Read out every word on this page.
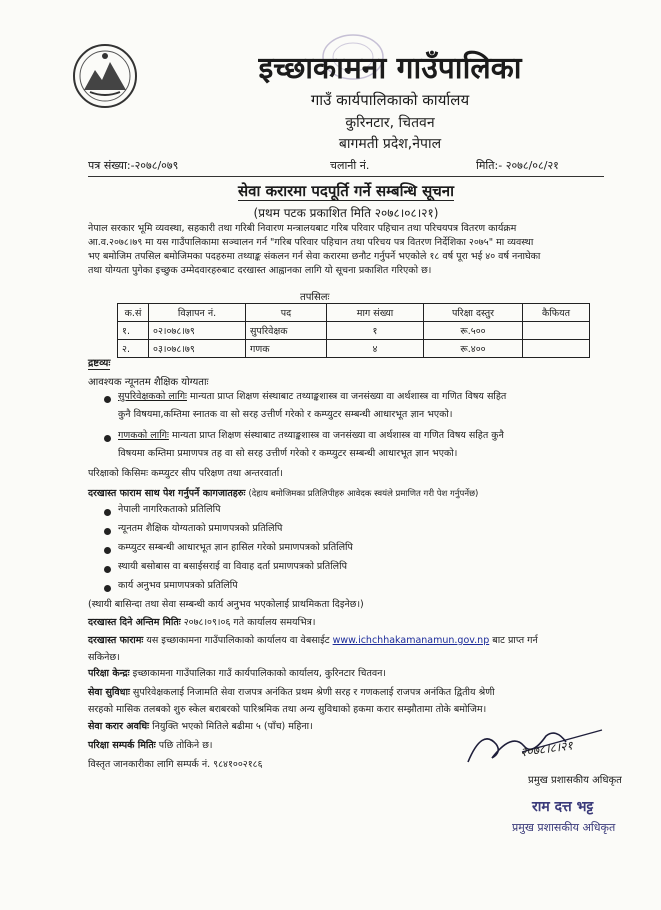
इच्छाकामना गाउँपालिका
गाउँ कार्यपालिकाको कार्यालय
कुरिनटार, चितवन
बागमती प्रदेश,नेपाल
पत्र संख्या:-२०७८/०७९	चलानी नं.	मिति:- २०७८/०८/२१
सेवा करारमा पदपूर्ति गर्ने सम्बन्धि सूचना
(प्रथम पटक प्रकाशित मिति २०७८।०८।२१)
नेपाल सरकार भूमि व्यवस्था, सहकारी तथा गरिबी निवारण मन्त्रालयबाट गरिब परिवार पहिचान तथा परिचयपत्र वितरण कार्यक्रम
आ.व.२०७८।७९ मा यस गाउँपालिकामा सञ्चालन गर्न "गरिब परिवार पहिचान तथा परिचय पत्र वितरण निर्देशिका २०७५" मा व्यवस्था
भए बमोजिम तपसिल बमोजिमका पदहरुमा तथ्याङ्क संकलन गर्न सेवा करारमा छनौट गर्नुपर्ने भएकोले १८ वर्ष पूरा भई ४० वर्ष ननाघेका
तथा योग्यता पुगेका इच्छुक उम्मेदवारहरुबाट दरखास्त आह्वानका लागि यो सूचना प्रकाशित गरिएको छ।
तपसिलः
क.सं	विज्ञापन नं.	पद	माग संख्या	परिक्षा दस्तुर	कैफियत
१.	०२।०७८।७९	सुपरिवेक्षक	१	रू.५००	
२.	०३।०७८।७९	गणक	४	रू.४००	
द्रष्टव्यः
आवश्यक न्यूनतम शैक्षिक योग्यताः
सुपरिवेक्षकको लागिः मान्यता प्राप्त शिक्षण संस्थाबाट तथ्याङ्कशास्त्र वा जनसंख्या वा अर्थशास्त्र वा गणित विषय सहित
कुनै विषयमा,कम्तिमा स्नातक वा सो सरह उत्तीर्ण गरेको र कम्प्युटर सम्बन्धी आधारभूत ज्ञान भएको।
गणकको लागिः मान्यता प्राप्त शिक्षण संस्थाबाट तथ्याङ्कशास्त्र वा जनसंख्या वा अर्थशास्त्र वा गणित विषय सहित कुनै
विषयमा कम्तिमा प्रमाणपत्र तह वा सो सरह उत्तीर्ण गरेको र कम्प्युटर सम्बन्धी आधारभूत ज्ञान भएको।
परिक्षाको किसिमः कम्प्युटर सीप परिक्षण तथा अन्तरवार्ता।
दरखास्त फाराम साथ पेश गर्नुपर्ने कागजातहरुः (देहाय बमोजिमका प्रतिलिपीहरु आवेदक स्वयंले प्रमाणित गरी पेश गर्नुपर्नेछ)
नेपाली नागरिकताको प्रतिलिपि
न्यूनतम शैक्षिक योग्यताको प्रमाणपत्रको प्रतिलिपि
कम्प्युटर सम्बन्धी आधारभूत ज्ञान हासिल गरेको प्रमाणपत्रको प्रतिलिपि
स्थायी बसोबास वा बसाईसराई वा विवाह दर्ता प्रमाणपत्रको प्रतिलिपि
कार्य अनुभव प्रमाणपत्रको प्रतिलिपि
(स्थायी बासिन्दा तथा सेवा सम्बन्धी कार्य अनुभव भएकोलाई प्राथमिकता दिइनेछ।)
दरखास्त दिने अन्तिम मितिः २०७८।०९।०६ गते कार्यालय समयभित्र।
दरखास्त फारामः यस इच्छाकामना गाउँपालिकाको कार्यालय वा वेबसाईट www.ichchhakamanamun.gov.np बाट प्राप्त गर्न
सकिनेछ।
परिक्षा केन्द्रः इच्छाकामना गाउँपालिका गाउँ कार्यपालिकाको कार्यालय, कुरिनटार चितवन।
सेवा सुविधाः सुपरिवेक्षकलाई निजामति सेवा राजपत्र अनंकित प्रथम श्रेणी सरह र गणकलाई राजपत्र अनंकित द्वितीय श्रेणी
सरहको मासिक तलबको शुरु स्केल बराबरको पारिश्रमिक तथा अन्य सुविधाको हकमा करार सम्झौतामा तोके बमोजिम।
सेवा करार अवधिः नियुक्ति भएको मितिले बढीमा ५ (पाँच) महिना।
परिक्षा सम्पर्क मितिः पछि तोकिने छ।
विस्तृत जानकारीका लागि सम्पर्क नं. ९८४१००२१८६
२०७८।८।२१
प्रमुख प्रशासकीय अधिकृत
राम दत्त भट्ट
प्रमुख प्रशासकीय अधिकृत
